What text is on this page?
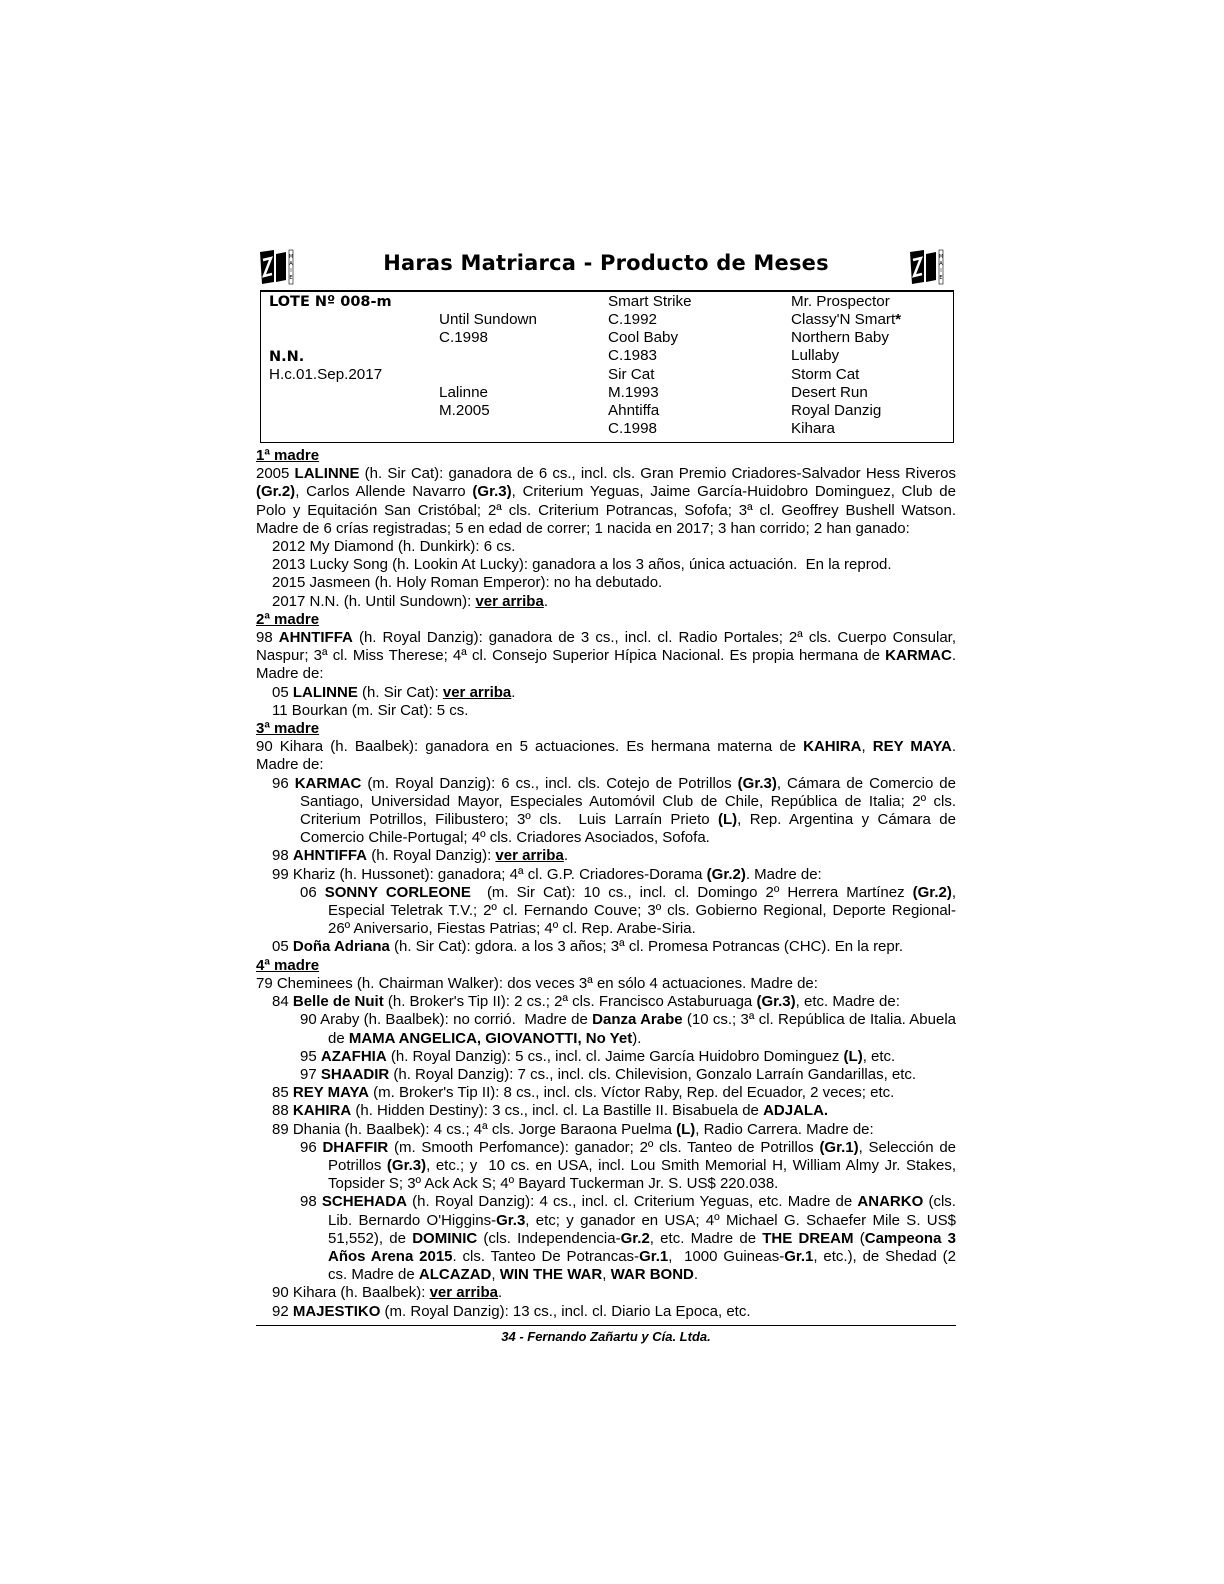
M
A
I
E
Haras Matriarca - Producto de Meses	M
A
I
E
LOTE Nº 008-m
N.N.
H.c.01.Sep.2017
Until Sundown
C.1998
Lalinne
M.2005
Smart Strike
C.1992
Cool Baby
C.1983
Sir Cat
M.1993
Ahntiffa
C.1998
Mr. Prospector
Classy'N Smart*
Northern Baby
Lullaby
Storm Cat
Desert Run
Royal Danzig
Kihara
1ª madre
2005 LALINNE (h. Sir Cat): ganadora de 6 cs., incl. cls. Gran Premio Criadores-Salvador Hess Riveros (Gr.2), Carlos Allende Navarro (Gr.3), Criterium Yeguas, Jaime García-Huidobro Dominguez, Club de Polo y Equitación San Cristóbal; 2ª cls. Criterium Potrancas, Sofofa; 3ª cl. Geoffrey Bushell Watson. Madre de 6 crías registradas; 5 en edad de correr; 1 nacida en 2017; 3 han corrido; 2 han ganado:
2012 My Diamond (h. Dunkirk): 6 cs.
2013 Lucky Song (h. Lookin At Lucky): ganadora a los 3 años, única actuación.  En la reprod.
2015 Jasmeen (h. Holy Roman Emperor): no ha debutado.
2017 N.N. (h. Until Sundown): ver arriba.
2ª madre
98 AHNTIFFA (h. Royal Danzig): ganadora de 3 cs., incl. cl. Radio Portales; 2ª cls. Cuerpo Consular, Naspur; 3ª cl. Miss Therese; 4ª cl. Consejo Superior Hípica Nacional. Es propia hermana de KARMAC. Madre de:
05 LALINNE (h. Sir Cat): ver arriba.
11 Bourkan (m. Sir Cat): 5 cs.
3ª madre
90 Kihara (h. Baalbek): ganadora en 5 actuaciones. Es hermana materna de KAHIRA, REY MAYA. Madre de:
96 KARMAC (m. Royal Danzig): 6 cs., incl. cls. Cotejo de Potrillos (Gr.3), Cámara de Comercio de Santiago, Universidad Mayor, Especiales Automóvil Club de Chile, República de Italia; 2º cls. Criterium Potrillos, Filibustero; 3º cls.  Luis Larraín Prieto (L), Rep. Argentina y Cámara de Comercio Chile-Portugal; 4º cls. Criadores Asociados, Sofofa.
98 AHNTIFFA (h. Royal Danzig): ver arriba.
99 Khariz (h. Hussonet): ganadora; 4ª cl. G.P. Criadores-Dorama (Gr.2). Madre de:
06 SONNY CORLEONE  (m. Sir Cat): 10 cs., incl. cl. Domingo 2º Herrera Martínez (Gr.2), Especial Teletrak T.V.; 2º cl. Fernando Couve; 3º cls. Gobierno Regional, Deporte Regional-26º Aniversario, Fiestas Patrias; 4º cl. Rep. Arabe-Siria.
05 Doña Adriana (h. Sir Cat): gdora. a los 3 años; 3ª cl. Promesa Potrancas (CHC). En la repr.
4ª madre
79 Cheminees (h. Chairman Walker): dos veces 3ª en sólo 4 actuaciones. Madre de:
84 Belle de Nuit (h. Broker's Tip II): 2 cs.; 2ª cls. Francisco Astaburuaga (Gr.3), etc. Madre de:
90 Araby (h. Baalbek): no corrió.  Madre de Danza Arabe (10 cs.; 3ª cl. República de Italia. Abuela de MAMA ANGELICA, GIOVANOTTI, No Yet).
95 AZAFHIA (h. Royal Danzig): 5 cs., incl. cl. Jaime García Huidobro Dominguez (L), etc.
97 SHAADIR (h. Royal Danzig): 7 cs., incl. cls. Chilevision, Gonzalo Larraín Gandarillas, etc.
85 REY MAYA (m. Broker's Tip II): 8 cs., incl. cls. Víctor Raby, Rep. del Ecuador, 2 veces; etc.
88 KAHIRA (h. Hidden Destiny): 3 cs., incl. cl. La Bastille II. Bisabuela de ADJALA.
89 Dhania (h. Baalbek): 4 cs.; 4ª cls. Jorge Baraona Puelma (L), Radio Carrera. Madre de:
96 DHAFFIR (m. Smooth Perfomance): ganador; 2º cls. Tanteo de Potrillos (Gr.1), Selección de Potrillos (Gr.3), etc.; y  10 cs. en USA, incl. Lou Smith Memorial H, William Almy Jr. Stakes, Topsider S; 3º Ack Ack S; 4º Bayard Tuckerman Jr. S. US$ 220.038.
98 SCHEHADA (h. Royal Danzig): 4 cs., incl. cl. Criterium Yeguas, etc. Madre de ANARKO (cls. Lib. Bernardo O'Higgins-Gr.3, etc; y ganador en USA; 4º Michael G. Schaefer Mile S. US$ 51,552), de DOMINIC (cls. Independencia-Gr.2, etc. Madre de THE DREAM (Campeona 3 Años Arena 2015. cls. Tanteo De Potrancas-Gr.1,  1000 Guineas-Gr.1, etc.), de Shedad (2 cs. Madre de ALCAZAD, WIN THE WAR, WAR BOND.
90 Kihara (h. Baalbek): ver arriba.
92 MAJESTIKO (m. Royal Danzig): 13 cs., incl. cl. Diario La Epoca, etc.
34 - Fernando Zañartu y Cía. Ltda.
